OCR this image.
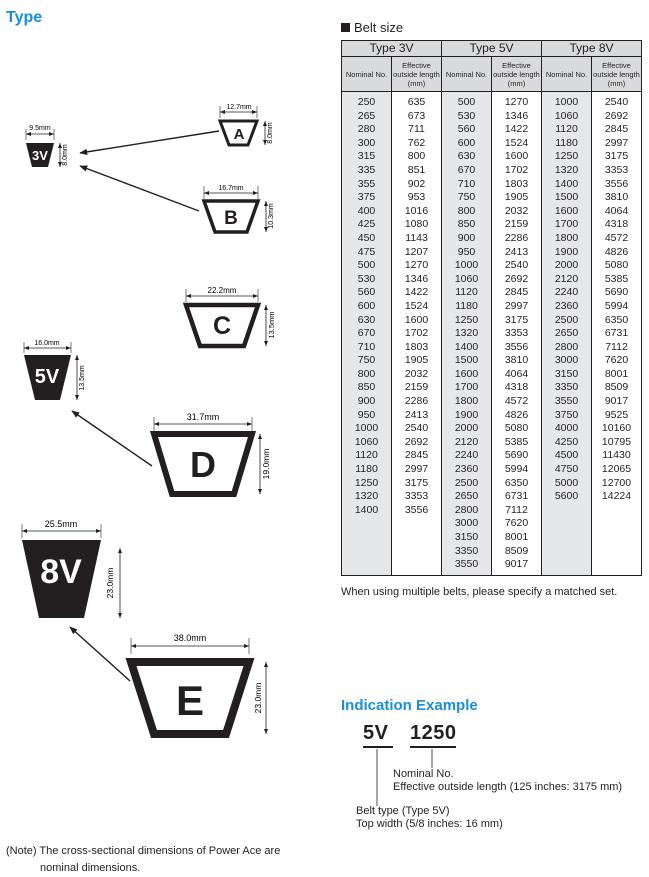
Type
A
12.7mm
8.0mm
3V
9.5mm
8.0mm
B
16.7mm
10.3mm
C
22.2mm
13.5mm
5V
16.0mm
13.5mm
D
31.7mm
19.0mm
8V
25.5mm
23.0mm
E
38.0mm
23.0mm
Belt size
Type 3V		Type 5V		Type 8V	
Nominal No.	Effective outside length (mm)	Nominal No.	Effective outside length (mm)	Nominal No.	Effective outside length (mm)
250	635	500	1270	1000	2540
265	673	530	1346	1060	2692
280	711	560	1422	1120	2845
300	762	600	1524	1180	2997
315	800	630	1600	1250	3175
335	851	670	1702	1320	3353
355	902	710	1803	1400	3556
375	953	750	1905	1500	3810
400	1016	800	2032	1600	4064
425	1080	850	2159	1700	4318
450	1143	900	2286	1800	4572
475	1207	950	2413	1900	4826
500	1270	1000	2540	2000	5080
530	1346	1060	2692	2120	5385
560	1422	1120	2845	2240	5690
600	1524	1180	2997	2360	5994
630	1600	1250	3175	2500	6350
670	1702	1320	3353	2650	6731
710	1803	1400	3556	2800	7112
750	1905	1500	3810	3000	7620
800	2032	1600	4064	3150	8001
850	2159	1700	4318	3350	8509
900	2286	1800	4572	3550	9017
950	2413	1900	4826	3750	9525
1000	2540	2000	5080	4000	10160
1060	2692	2120	5385	4250	10795
1120	2845	2240	5690	4500	11430
1180	2997	2360	5994	4750	12065
1250	3175	2500	6350	5000	12700
1320	3353	2650	6731	5600	14224
1400	3556	2800	7112		
		3000	7620		
		3150	8001		
		3350	8509		
		3550	9017		
When using multiple belts, please specify a matched set.
Indication Example
5V 1250
Nominal No.
Effective outside length (125 inches: 3175 mm)
Belt type (Type 5V)
Top width (5/8 inches: 16 mm)
(Note) The cross-sectional dimensions of Power Ace are
nominal dimensions.
